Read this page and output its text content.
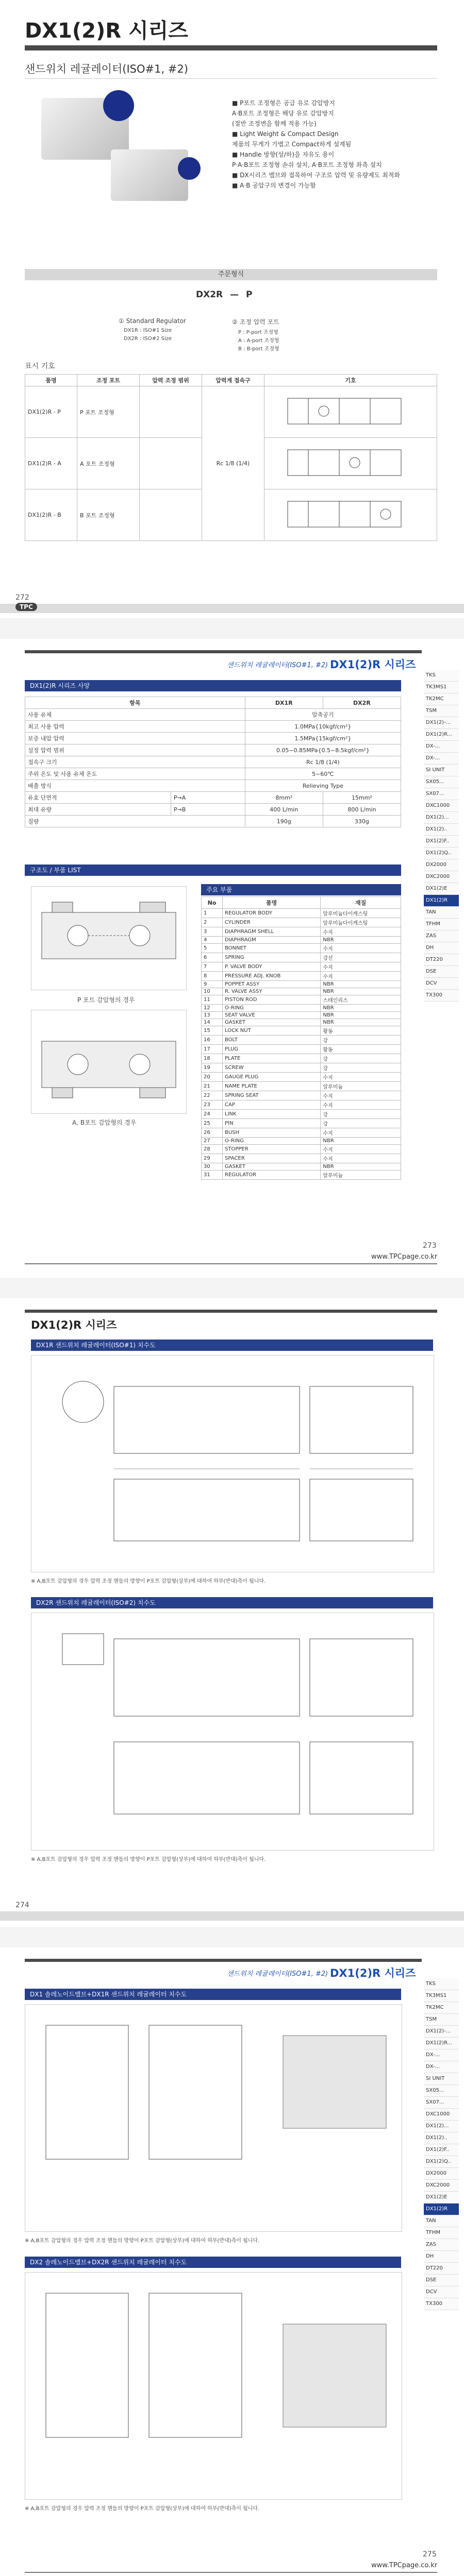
DX1(2)R 시리즈
샌드위치 레귤레이터(ISO#1, #2)
■ P포트 조정형은 공급 유로 감압방지
A·B포트 조정형은 해당 유로 감압방지
(절반 조정변을 함께 적용 가능)
■ Light Weight & Compact Design
제품의 무게가 가볍고 Compact하게 설계됨
■ Handle 방향(상/하)을 자유도 용이
P·A·B포트 조정형 손쉬 설치, A·B포트 조정형 좌측 설치
■ DX시리즈 밸브와 접목하여 구조로 압력 및 유량제도 최적화
■ A·B 공압구의 변경이 가능함
주문형식
DX2R — P
① Standard Regulator
DX1R : ISO#1 Size
DX2R : ISO#2 Size
② 조정 압력 포트
P : P-port 조정형
A : A-port 조정형
B : B-port 조정형
표시 기호
품명	조정 포트	압력 조정 범위	압력계 접속구	기호
DX1(2)R - P	P 포트 조정형		Rc 1/8 (1/4)	
DX1(2)R - A	A 포트 조정형		
DX1(2)R - B	B 포트 조정형		
272
TPC
샌드위치 레귤레이터(ISO#1, #2) DX1(2)R 시리즈
TKS
TK3MS1
TK2MC
TSM
DX1(2)-...
DX1(2)R...
DX-...
DX-...
SI UNIT
SX05...
SX07...
DXC1000
DX1(2)...
DX1(2)..
DX1(2)F..
DX1(2)Q..
DX2000
DXC2000
DX1(2)E
DX1(2)R
TAN
TFHM
ZAS
DH
DT220
DSE
DCV
TX300
DX1(2)R 시리즈 사양
항목		DX1R	DX2R
사용 유체		압축공기	
최고 사용 압력		1.0MPa{10kgf/cm²}	
보증 내압 압력		1.5MPa{15kgf/cm²}	
설정 압력 범위		0.05~0.85MPa{0.5~8.5kgf/cm²}	
접속구 크기		Rc 1/8 (1/4)	
주위 온도 및 사용 유체 온도		5~60℃	
배출 방식		Relieving Type	
유효 단면적	P→A	8mm²	15mm²
최대 유량	P→B	400 L/min	800 L/min
질량		190g	330g
구조도 / 부품 LIST
P 포트 감압형의 경우
A, B포트 감압형의 경우
주요 부품
No	품명	재질
1	REGULATOR BODY	알루미늄다이캐스팅
2	CYLINDER	알루미늄다이캐스팅
3	DIAPHRAGM SHELL	수지
4	DIAPHRAGM	NBR
5	BONNET	수지
6	SPRING	강선
7	P. VALVE BODY	수지
8	PRESSURE ADJ. KNOB	수지
9	POPPET ASSY	NBR
10	R. VALVE ASSY	NBR
11	PISTON ROD	스테인리스
12	O-RING	NBR
13	SEAT VALVE	NBR
14	GASKET	NBR
15	LOCK NUT	황동
16	BOLT	강
17	PLUG	황동
18	PLATE	강
19	SCREW	강
20	GAUGE PLUG	수지
21	NAME PLATE	알루미늄
22	SPRING SEAT	수지
23	CAP	수지
24	LINK	강
25	PIN	강
26	BUSH	수지
27	O-RING	NBR
28	STOPPER	수지
29	SPACER	수지
30	GASKET	NBR
31	REGULATOR	알루미늄
273
www.TPCpage.co.kr
DX1(2)R 시리즈
DX1R 샌드위치 레귤레이터(ISO#1) 치수도
※ A,B포트 감압형의 경우 압력 조정 핸들의 방향이 P포트 감압형(상부)에 대하여 하부(반대)측이 됩니다.
DX2R 샌드위치 레귤레이터(ISO#2) 치수도
※ A,B포트 감압형의 경우 압력 조정 핸들의 방향이 P포트 감압형(상부)에 대하여 하부(반대)측이 됩니다.
274
샌드위치 레귤레이터(ISO#1, #2) DX1(2)R 시리즈
DX1 솔레노이드밸브+DX1R 샌드위치 레귤레이터 치수도
※ A,B포트 감압형의 경우 압력 조정 핸들의 방향이 P포트 감압형(상부)에 대하여 하부(반대)측이 됩니다.
DX2 솔레노이드밸브+DX2R 샌드위치 레귤레이터 치수도
※ A,B포트 감압형의 경우 압력 조정 핸들의 방향이 P포트 감압형(상부)에 대하여 하부(반대)측이 됩니다.
TKS
TK3MS1
TK2MC
TSM
DX1(2)-...
DX1(2)R...
DX-...
DX-...
SI UNIT
SX05...
SX07...
DXC1000
DX1(2)...
DX1(2)..
DX1(2)F..
DX1(2)Q..
DX2000
DXC2000
DX1(2)E
DX1(2)R
TAN
TFHM
ZAS
DH
DT220
DSE
DCV
TX300
275
www.TPCpage.co.kr
